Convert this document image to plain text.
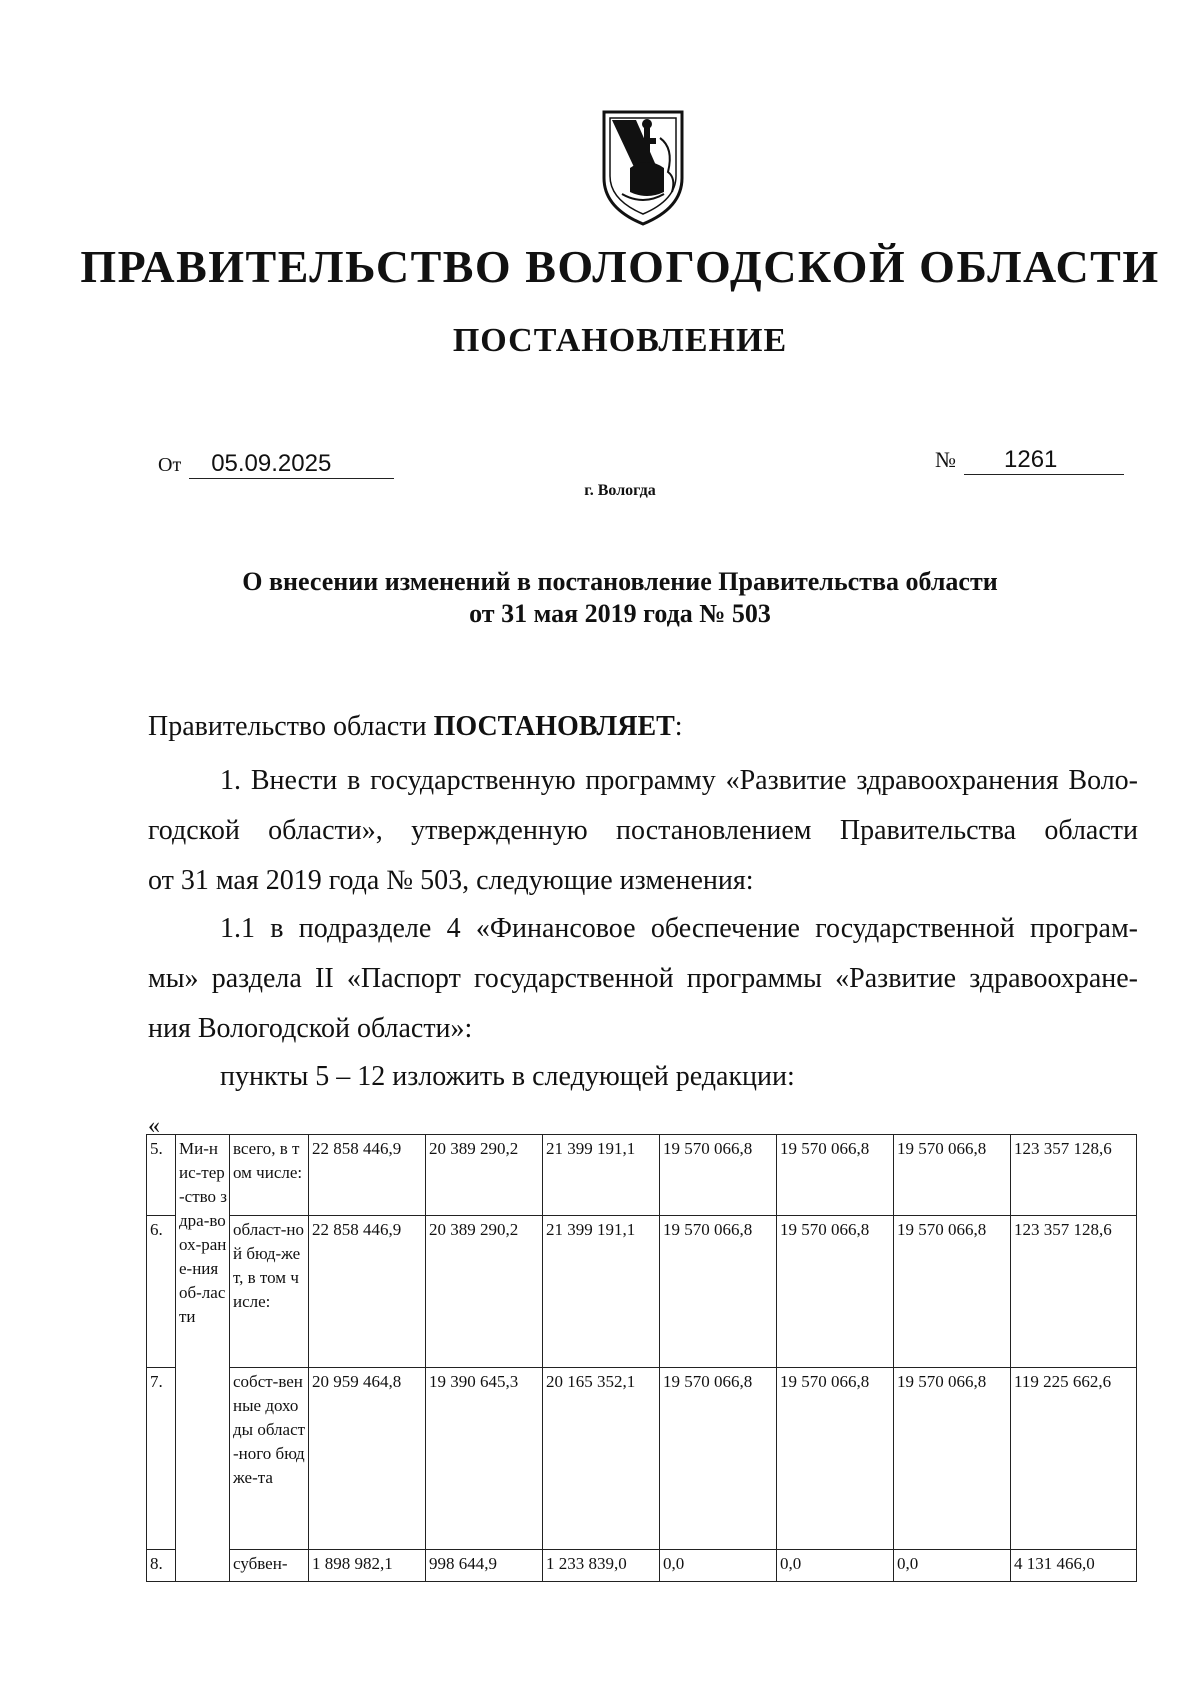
ПРАВИТЕЛЬСТВО ВОЛОГОДСКОЙ ОБЛАСТИ
ПОСТАНОВЛЕНИЕ
От 05.09.2025	№ 1261
г. Вологда
О внесении изменений в постановление Правительства области
от 31 мая 2019 года № 503
Правительство области ПОСТАНОВЛЯЕТ:
1. Внести в государственную программу «Развитие здравоохранения Воло-
годской области», утвержденную постановлением Правительства области
от 31 мая 2019 года № 503, следующие изменения:
1.1 в подразделе 4 «Финансовое обеспечение государственной програм-
мы» раздела II «Паспорт государственной программы «Развитие здравоохране-
ния Вологодской области»:
пункты 5 – 12 изложить в следующей редакции:
«
5.	Ми-нис-тер-ство здра-воох-ране-ния об-ласти	всего, в том числе:	22 858 446,9	20 389 290,2	21 399 191,1	19 570 066,8	19 570 066,8	19 570 066,8	123 357 128,6
6.		област-ной бюд-жет, в том числе:	22 858 446,9	20 389 290,2	21 399 191,1	19 570 066,8	19 570 066,8	19 570 066,8	123 357 128,6
7.		собст-венные доходы област-ного бюдже-та	20 959 464,8	19 390 645,3	20 165 352,1	19 570 066,8	19 570 066,8	19 570 066,8	119 225 662,6
8.		субвен-	1 898 982,1	998 644,9	1 233 839,0	0,0	0,0	0,0	4 131 466,0
